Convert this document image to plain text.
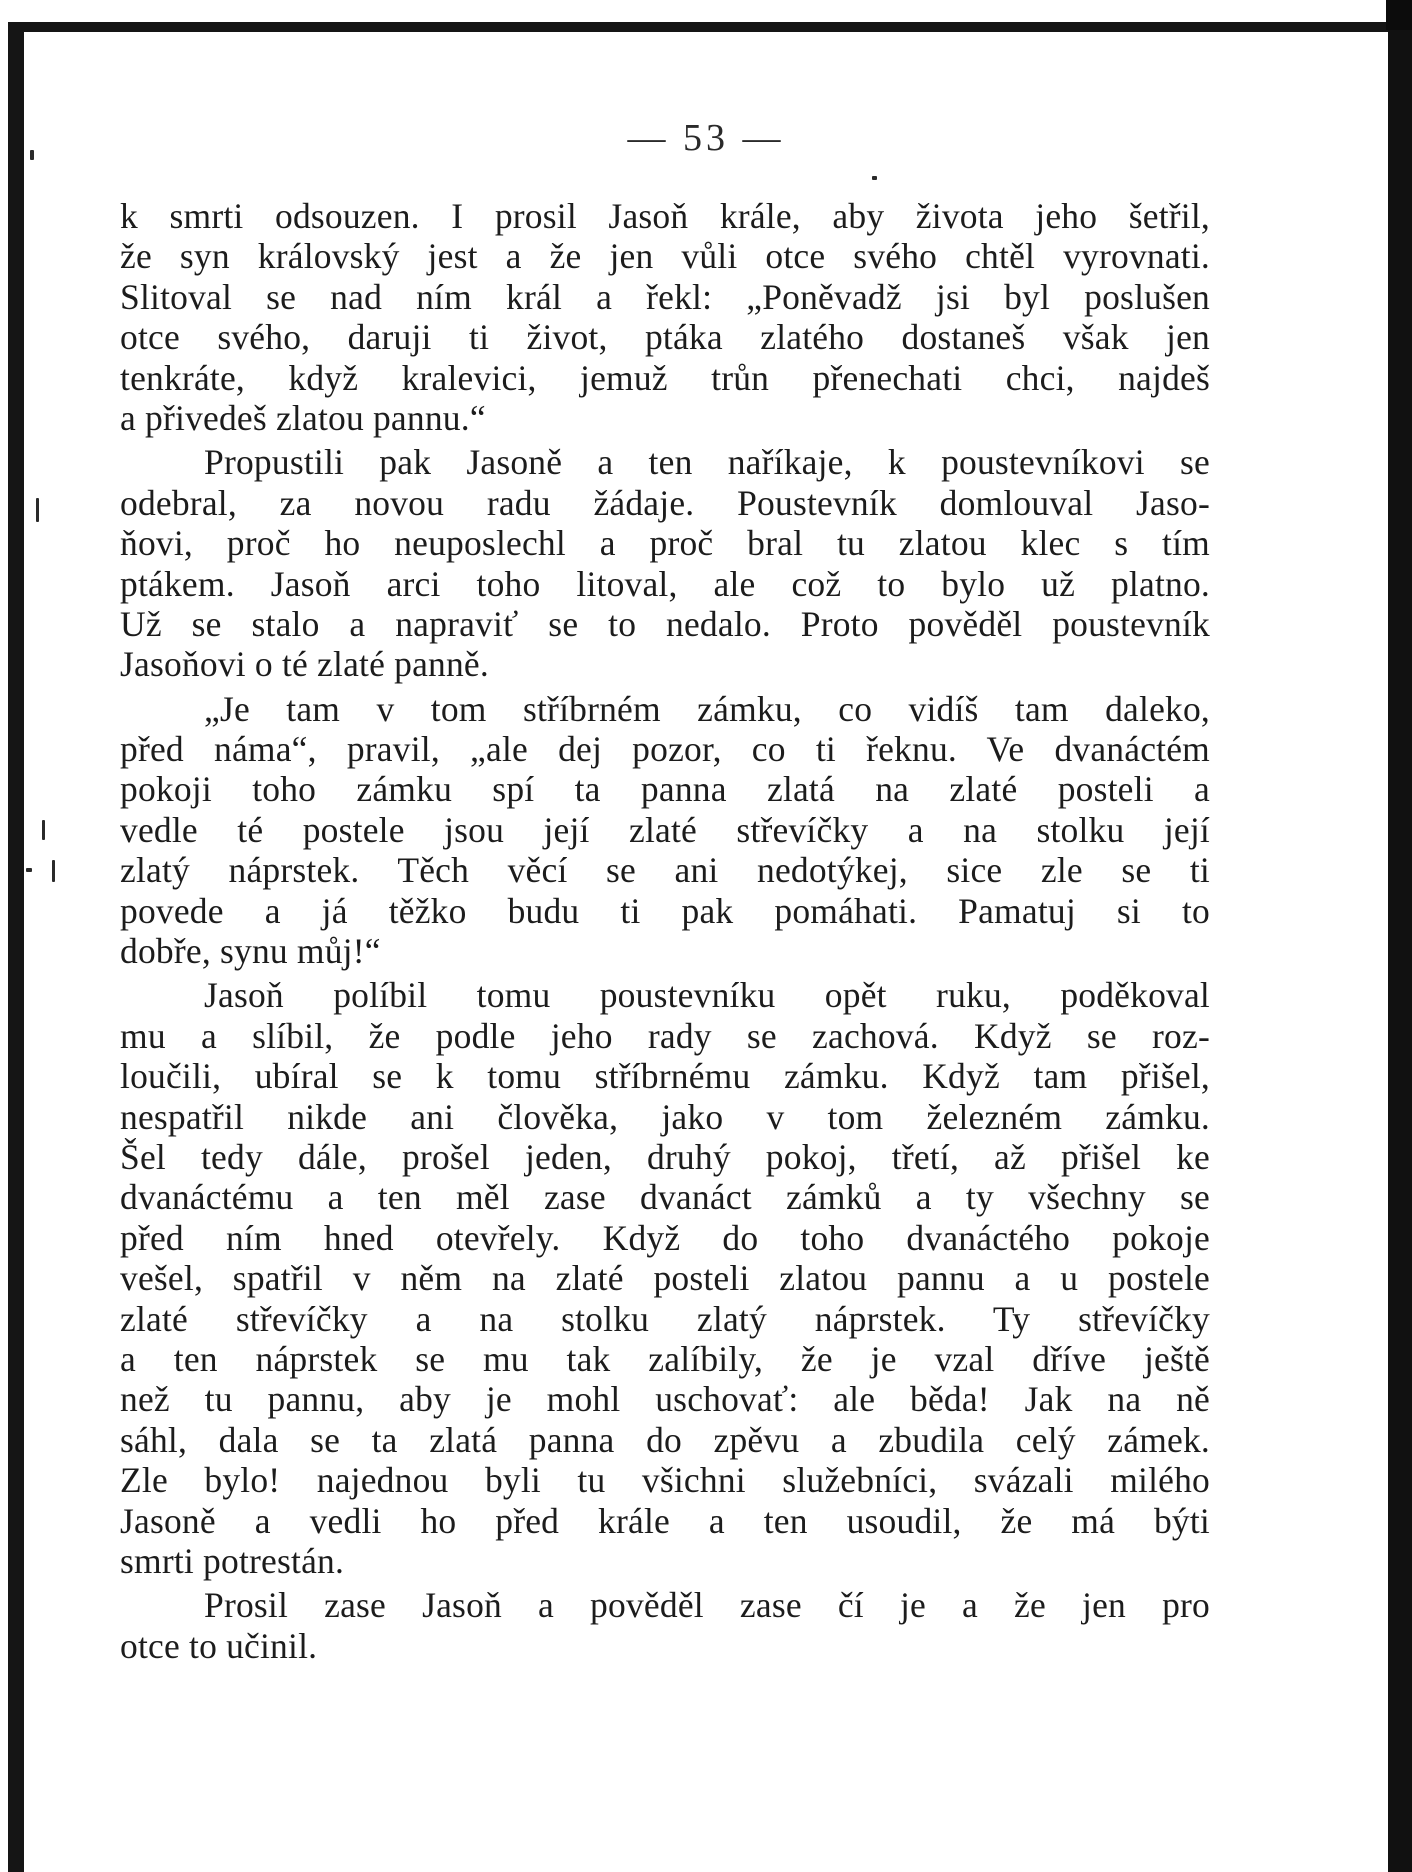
— 53 —
k smrti odsouzen. I prosil Jasoň krále, aby života jeho šetřil,
že syn královský jest a že jen vůli otce svého chtěl vyrovnati.
Slitoval se nad ním král a řekl: „Poněvadž jsi byl poslušen
otce svého, daruji ti život, ptáka zlatého dostaneš však jen
tenkráte, když kralevici, jemuž trůn přenechati chci, najdeš
a přivedeš zlatou pannu.“
Propustili pak Jasoně a ten naříkaje, k poustevníkovi se
odebral, za novou radu žádaje. Poustevník domlouval Jaso-
ňovi, proč ho neuposlechl a proč bral tu zlatou klec s tím
ptákem. Jasoň arci toho litoval, ale což to bylo už platno.
Už se stalo a napraviť se to nedalo. Proto pověděl poustevník
Jasoňovi o té zlaté panně.
„Je tam v tom stříbrném zámku, co vidíš tam daleko,
před náma“, pravil, „ale dej pozor, co ti řeknu. Ve dvanáctém
pokoji toho zámku spí ta panna zlatá na zlaté posteli a
vedle té postele jsou její zlaté střevíčky a na stolku její
zlatý náprstek. Těch věcí se ani nedotýkej, sice zle se ti
povede a já těžko budu ti pak pomáhati. Pamatuj si to
dobře, synu můj!“
Jasoň políbil tomu poustevníku opět ruku, poděkoval
mu a slíbil, že podle jeho rady se zachová. Když se roz-
loučili, ubíral se k tomu stříbrnému zámku. Když tam přišel,
nespatřil nikde ani člověka, jako v tom železném zámku.
Šel tedy dále, prošel jeden, druhý pokoj, třetí, až přišel ke
dvanáctému a ten měl zase dvanáct zámků a ty všechny se
před ním hned otevřely. Když do toho dvanáctého pokoje
vešel, spatřil v něm na zlaté posteli zlatou pannu a u postele
zlaté střevíčky a na stolku zlatý náprstek. Ty střevíčky
a ten náprstek se mu tak zalíbily, že je vzal dříve ještě
než tu pannu, aby je mohl uschovať: ale běda! Jak na ně
sáhl, dala se ta zlatá panna do zpěvu a zbudila celý zámek.
Zle bylo! najednou byli tu všichni služebníci, svázali milého
Jasoně a vedli ho před krále a ten usoudil, že má býti
smrti potrestán.
Prosil zase Jasoň a pověděl zase čí je a že jen pro
otce to učinil.
